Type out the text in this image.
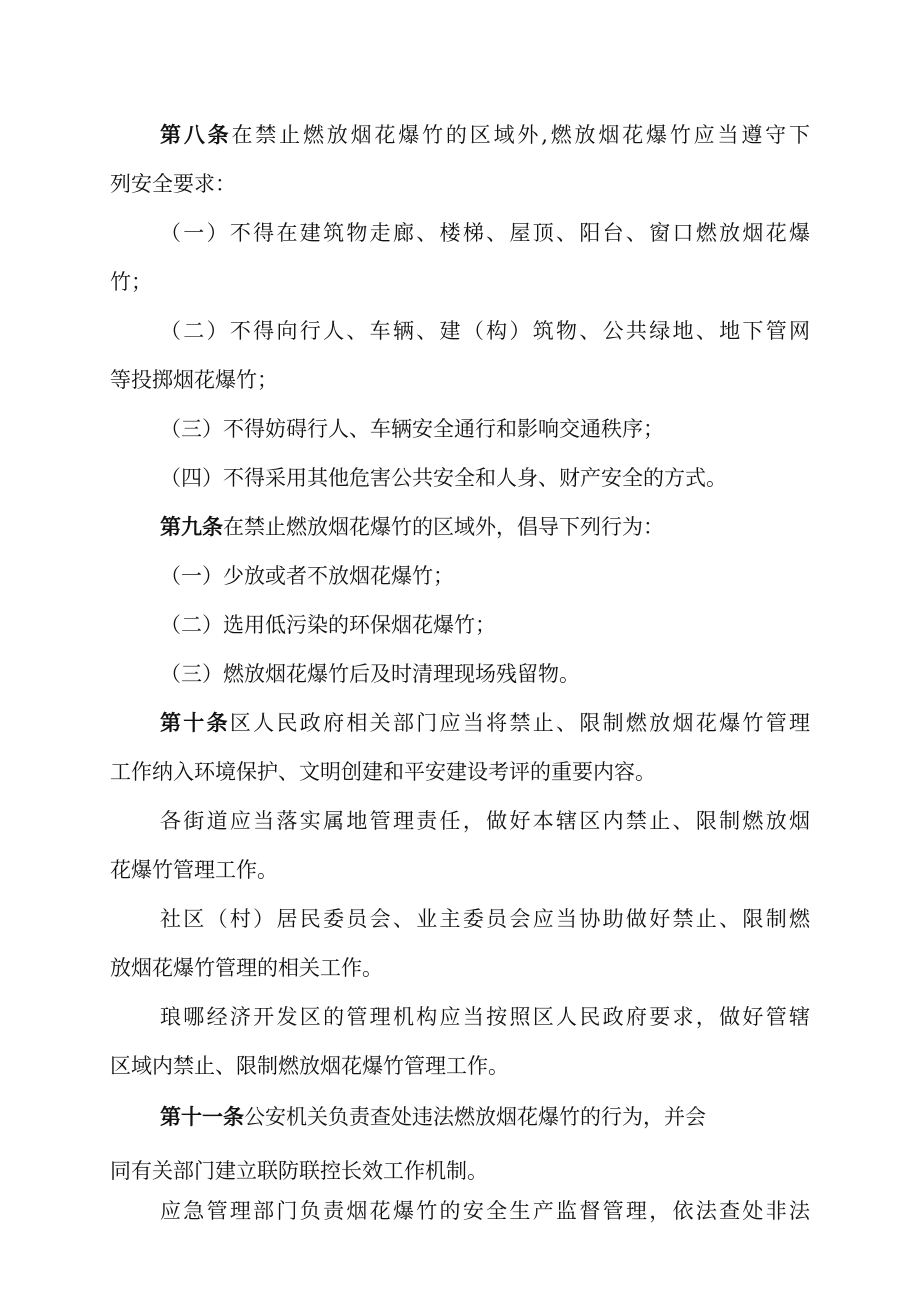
第八条在禁止燃放烟花爆竹的区域外,燃放烟花爆竹应当遵守下
列安全要求：
（一）不得在建筑物走廊、楼梯、屋顶、阳台、窗口燃放烟花爆
竹；
（二）不得向行人、车辆、建（构）筑物、公共绿地、地下管网
等投掷烟花爆竹；
（三）不得妨碍行人、车辆安全通行和影响交通秩序；
（四）不得采用其他危害公共安全和人身、财产安全的方式。
第九条在禁止燃放烟花爆竹的区域外，倡导下列行为：
（一）少放或者不放烟花爆竹；
（二）选用低污染的环保烟花爆竹；
（三）燃放烟花爆竹后及时清理现场残留物。
第十条区人民政府相关部门应当将禁止、限制燃放烟花爆竹管理
工作纳入环境保护、文明创建和平安建设考评的重要内容。
各街道应当落实属地管理责任，做好本辖区内禁止、限制燃放烟
花爆竹管理工作。
社区（村）居民委员会、业主委员会应当协助做好禁止、限制燃
放烟花爆竹管理的相关工作。
琅哪经济开发区的管理机构应当按照区人民政府要求，做好管辖
区域内禁止、限制燃放烟花爆竹管理工作。
第十一条公安机关负责查处违法燃放烟花爆竹的行为，并会
同有关部门建立联防联控长效工作机制。
应急管理部门负责烟花爆竹的安全生产监督管理，依法查处非法
